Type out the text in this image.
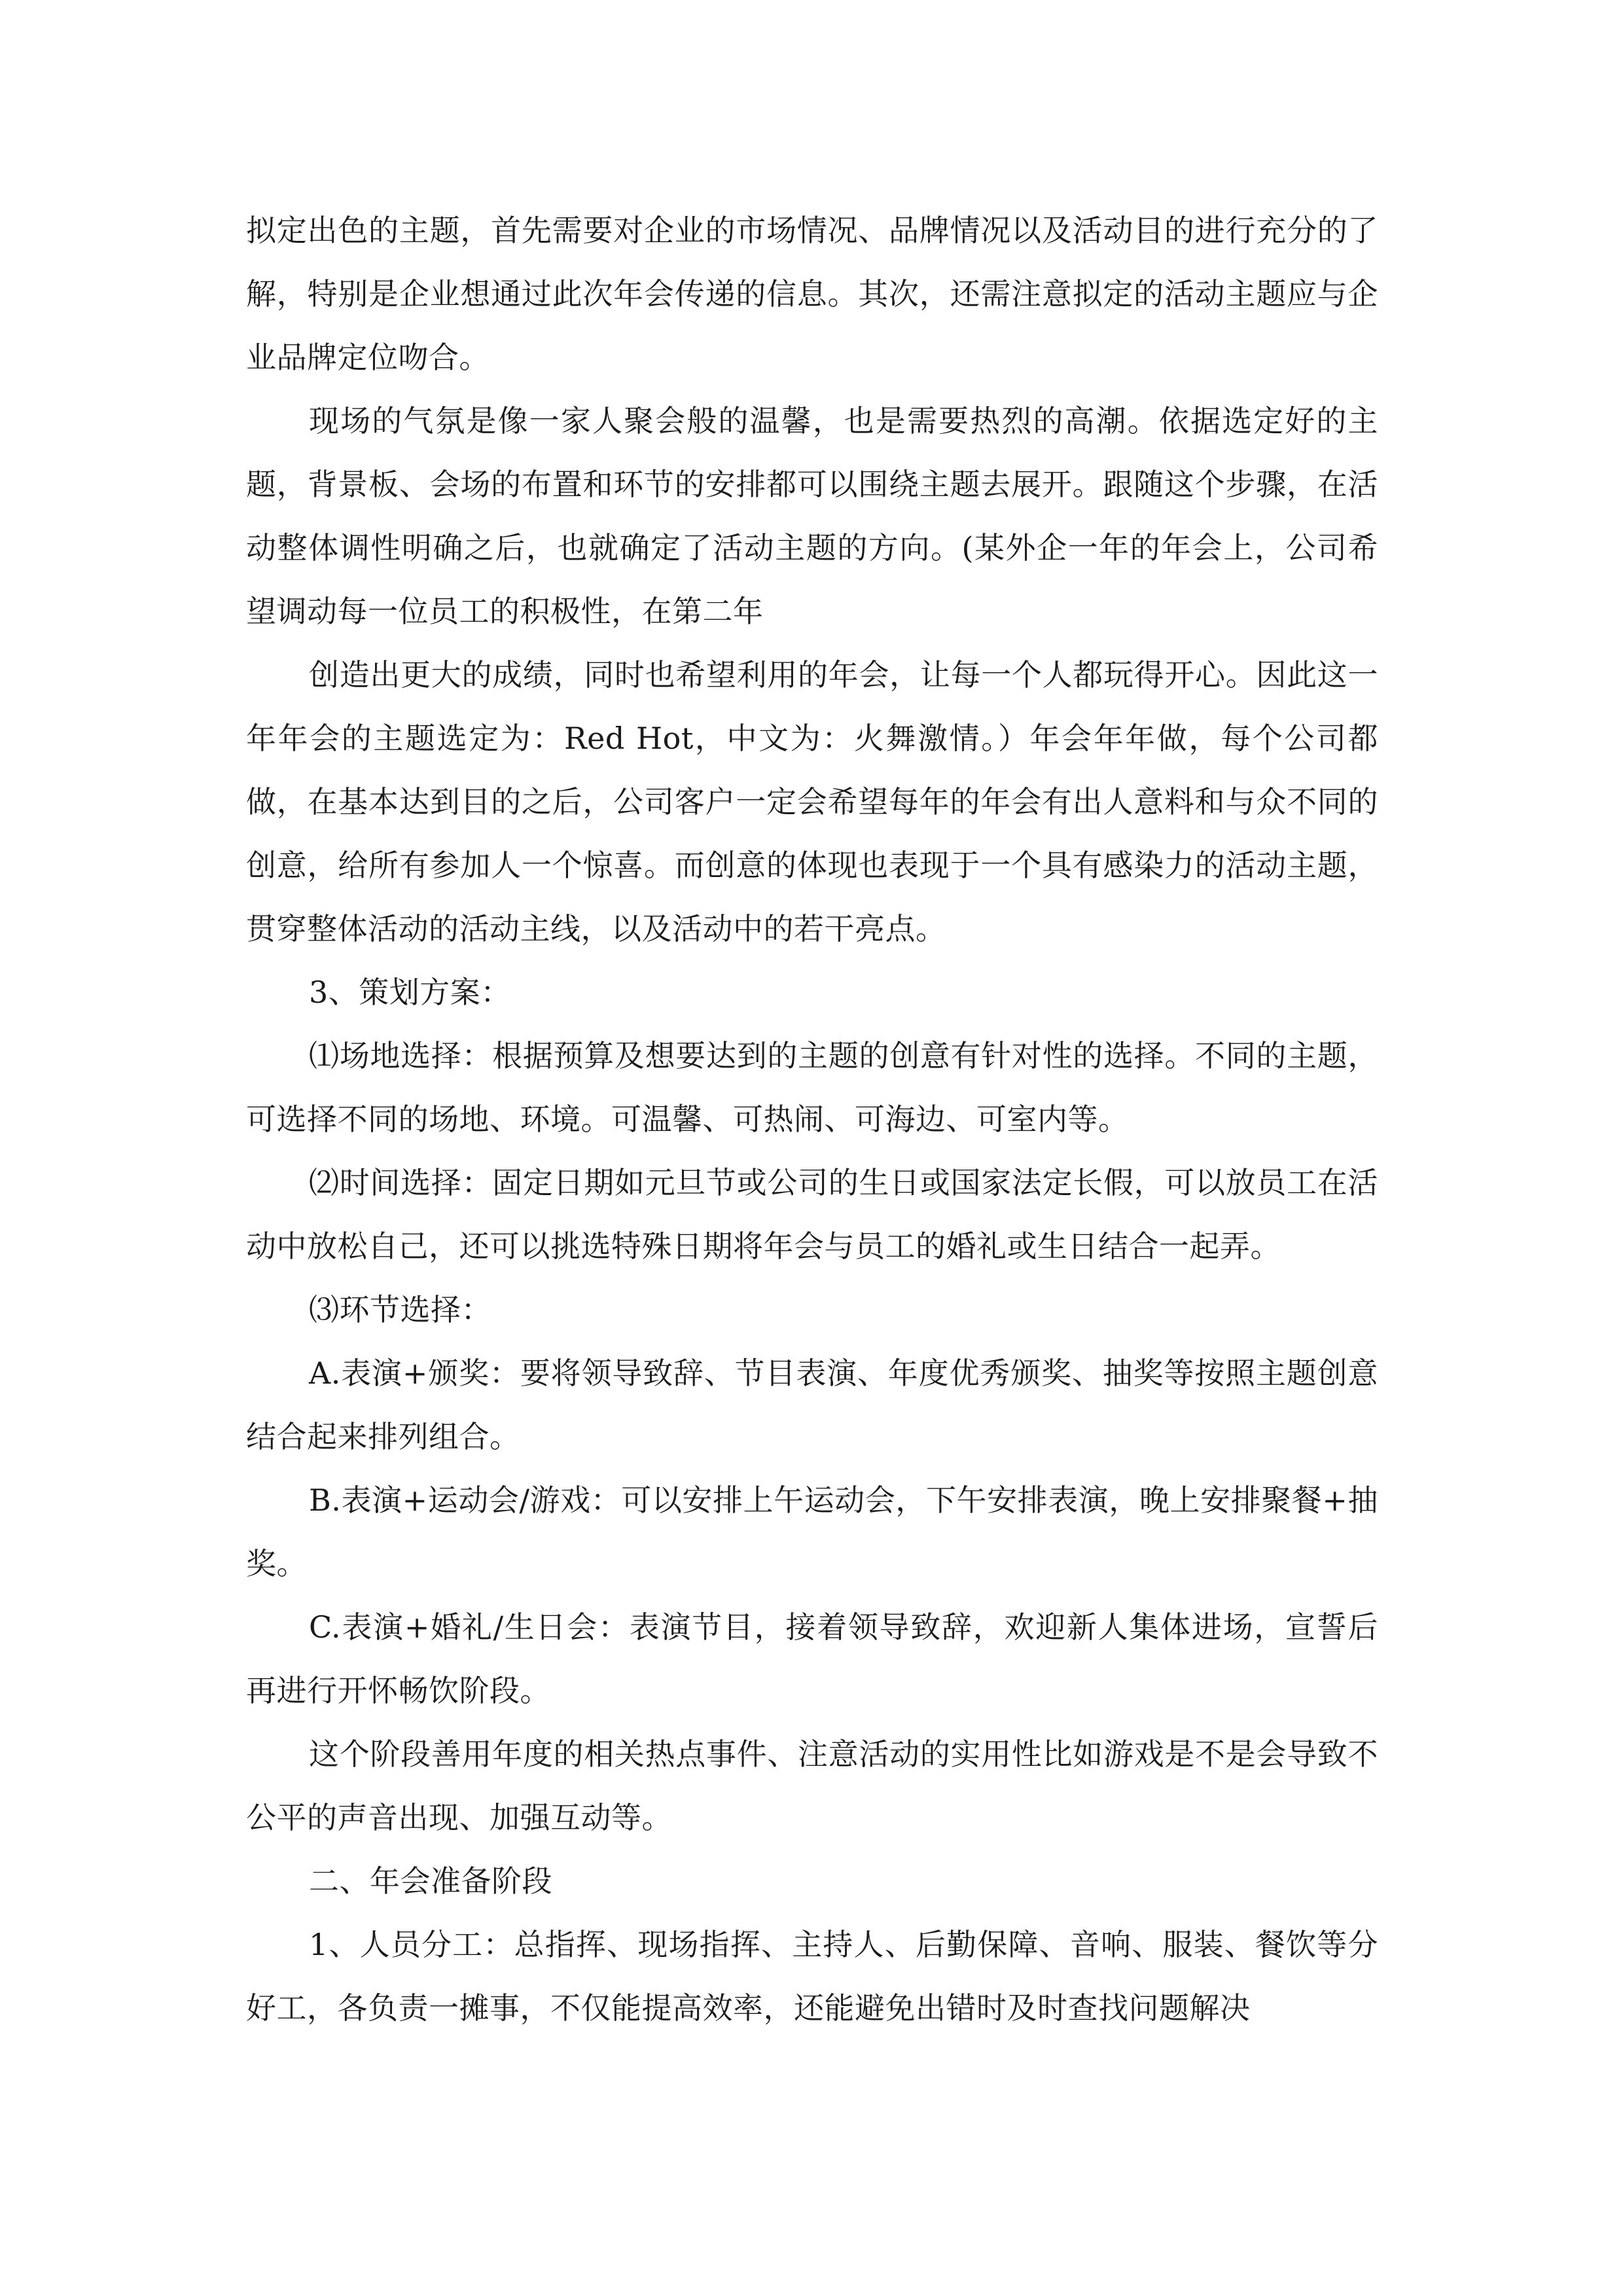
拟定出色的主题，首先需要对企业的市场情况、品牌情况以及活动目的进行充分的了解，特别是企业想通过此次年会传递的信息。其次，还需注意拟定的活动主题应与企业品牌定位吻合。

现场的气氛是像一家人聚会般的温馨，也是需要热烈的高潮。依据选定好的主题，背景板、会场的布置和环节的安排都可以围绕主题去展开。跟随这个步骤，在活动整体调性明确之后，也就确定了活动主题的方向。(某外企一年的年会上，公司希望调动每一位员工的积极性，在第二年

创造出更大的成绩，同时也希望利用的年会，让每一个人都玩得开心。因此这一年年会的主题选定为：Red Hot，中文为：火舞激情。）年会年年做，每个公司都做，在基本达到目的之后，公司客户一定会希望每年的年会有出人意料和与众不同的创意，给所有参加人一个惊喜。而创意的体现也表现于一个具有感染力的活动主题，贯穿整体活动的活动主线，以及活动中的若干亮点。

3、策划方案：

⑴场地选择：根据预算及想要达到的主题的创意有针对性的选择。不同的主题，可选择不同的场地、环境。可温馨、可热闹、可海边、可室内等。

⑵时间选择：固定日期如元旦节或公司的生日或国家法定长假，可以放员工在活动中放松自己，还可以挑选特殊日期将年会与员工的婚礼或生日结合一起弄。

⑶环节选择：

A.表演+颁奖：要将领导致辞、节目表演、年度优秀颁奖、抽奖等按照主题创意结合起来排列组合。

B.表演+运动会/游戏：可以安排上午运动会，下午安排表演，晚上安排聚餐+抽奖。

C.表演+婚礼/生日会：表演节目，接着领导致辞，欢迎新人集体进场，宣誓后再进行开怀畅饮阶段。

这个阶段善用年度的相关热点事件、注意活动的实用性比如游戏是不是会导致不公平的声音出现、加强互动等。

二、年会准备阶段

1、人员分工：总指挥、现场指挥、主持人、后勤保障、音响、服装、餐饮等分好工，各负责一摊事，不仅能提高效率，还能避免出错时及时查找问题解决
